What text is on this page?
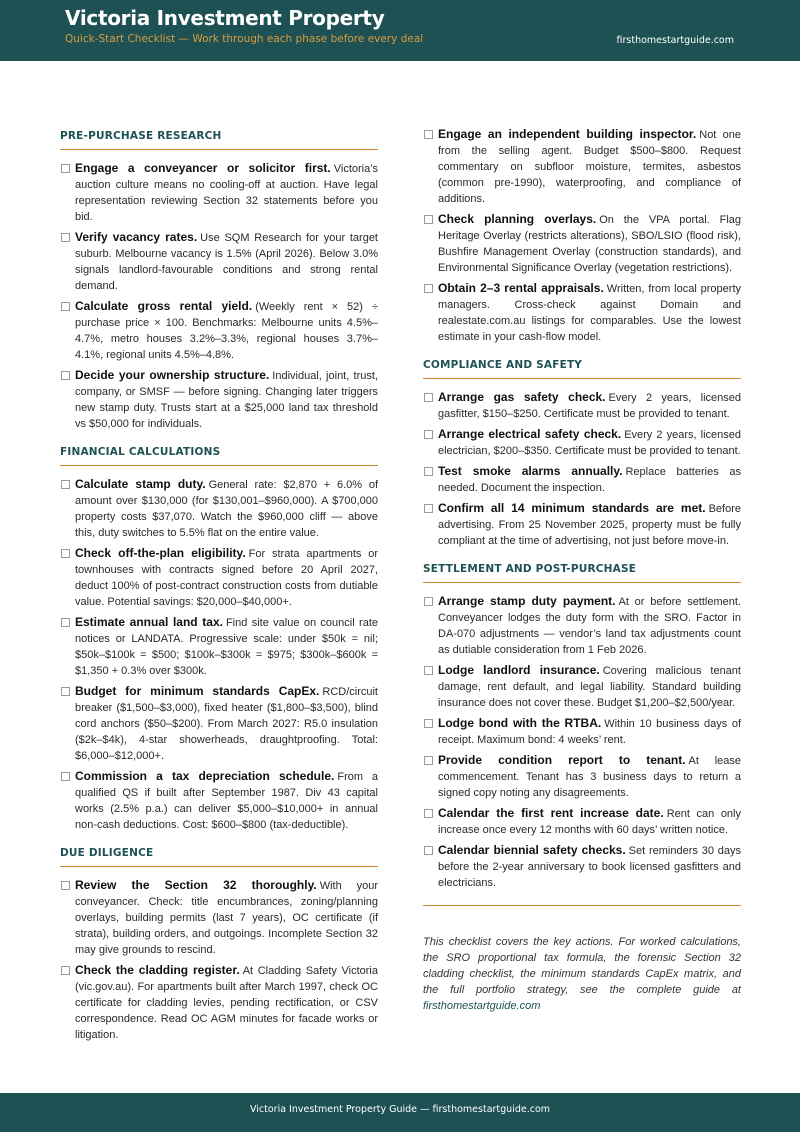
Victoria Investment Property
Quick-Start Checklist — Work through each phase before every deal	firsthomestartguide.com
PRE-PURCHASE RESEARCH
Engage a conveyancer or solicitor first. Victoria’s auction culture means no cooling-off at auction. Have legal representation reviewing Section 32 statements before you bid.
Verify vacancy rates. Use SQM Research for your target suburb. Melbourne vacancy is 1.5% (April 2026). Below 3.0% signals landlord-favourable conditions and strong rental demand.
Calculate gross rental yield. (Weekly rent × 52) ÷ purchase price × 100. Benchmarks: Melbourne units 4.5%–4.7%, metro houses 3.2%–3.3%, regional houses 3.7%–4.1%, regional units 4.5%–4.8%.
Decide your ownership structure. Individual, joint, trust, company, or SMSF — before signing. Changing later triggers new stamp duty. Trusts start at a $25,000 land tax threshold vs $50,000 for individuals.
FINANCIAL CALCULATIONS
Calculate stamp duty. General rate: $2,870 + 6.0% of amount over $130,000 (for $130,001–$960,000). A $700,000 property costs $37,070. Watch the $960,000 cliff — above this, duty switches to 5.5% flat on the entire value.
Check off-the-plan eligibility. For strata apartments or townhouses with contracts signed before 20 April 2027, deduct 100% of post-contract construction costs from dutiable value. Potential savings: $20,000–$40,000+.
Estimate annual land tax. Find site value on council rate notices or LANDATA. Progressive scale: under $50k = nil; $50k–$100k = $500; $100k–$300k = $975; $300k–$600k = $1,350 + 0.3% over $300k.
Budget for minimum standards CapEx. RCD/circuit breaker ($1,500–$3,000), fixed heater ($1,800–$3,500), blind cord anchors ($50–$200). From March 2027: R5.0 insulation ($2k–$4k), 4-star showerheads, draughtproofing. Total: $6,000–$12,000+.
Commission a tax depreciation schedule. From a qualified QS if built after September 1987. Div 43 capital works (2.5% p.a.) can deliver $5,000–$10,000+ in annual non-cash deductions. Cost: $600–$800 (tax-deductible).
DUE DILIGENCE
Review the Section 32 thoroughly. With your conveyancer. Check: title encumbrances, zoning/planning overlays, building permits (last 7 years), OC certificate (if strata), building orders, and outgoings. Incomplete Section 32 may give grounds to rescind.
Check the cladding register. At Cladding Safety Victoria (vic.gov.au). For apartments built after March 1997, check OC certificate for cladding levies, pending rectification, or CSV correspondence. Read OC AGM minutes for facade works or litigation.
Engage an independent building inspector. Not one from the selling agent. Budget $500–$800. Request commentary on subfloor moisture, termites, asbestos (common pre-1990), waterproofing, and compliance of additions.
Check planning overlays. On the VPA portal. Flag Heritage Overlay (restricts alterations), SBO/LSIO (flood risk), Bushfire Management Overlay (construction standards), and Environmental Significance Overlay (vegetation restrictions).
Obtain 2–3 rental appraisals. Written, from local property managers. Cross-check against Domain and realestate.com.au listings for comparables. Use the lowest estimate in your cash-flow model.
COMPLIANCE AND SAFETY
Arrange gas safety check. Every 2 years, licensed gasfitter, $150–$250. Certificate must be provided to tenant.
Arrange electrical safety check. Every 2 years, licensed electrician, $200–$350. Certificate must be provided to tenant.
Test smoke alarms annually. Replace batteries as needed. Document the inspection.
Confirm all 14 minimum standards are met. Before advertising. From 25 November 2025, property must be fully compliant at the time of advertising, not just before move-in.
SETTLEMENT AND POST-PURCHASE
Arrange stamp duty payment. At or before settlement. Conveyancer lodges the duty form with the SRO. Factor in DA-070 adjustments — vendor’s land tax adjustments count as dutiable consideration from 1 Feb 2026.
Lodge landlord insurance. Covering malicious tenant damage, rent default, and legal liability. Standard building insurance does not cover these. Budget $1,200–$2,500/year.
Lodge bond with the RTBA. Within 10 business days of receipt. Maximum bond: 4 weeks’ rent.
Provide condition report to tenant. At lease commencement. Tenant has 3 business days to return a signed copy noting any disagreements.
Calendar the first rent increase date. Rent can only increase once every 12 months with 60 days’ written notice.
Calendar biennial safety checks. Set reminders 30 days before the 2-year anniversary to book licensed gasfitters and electricians.
This checklist covers the key actions. For worked calculations, the SRO proportional tax formula, the forensic Section 32 cladding checklist, the minimum standards CapEx matrix, and the full portfolio strategy, see the complete guide at firsthomestartguide.com
Victoria Investment Property Guide — firsthomestartguide.com
